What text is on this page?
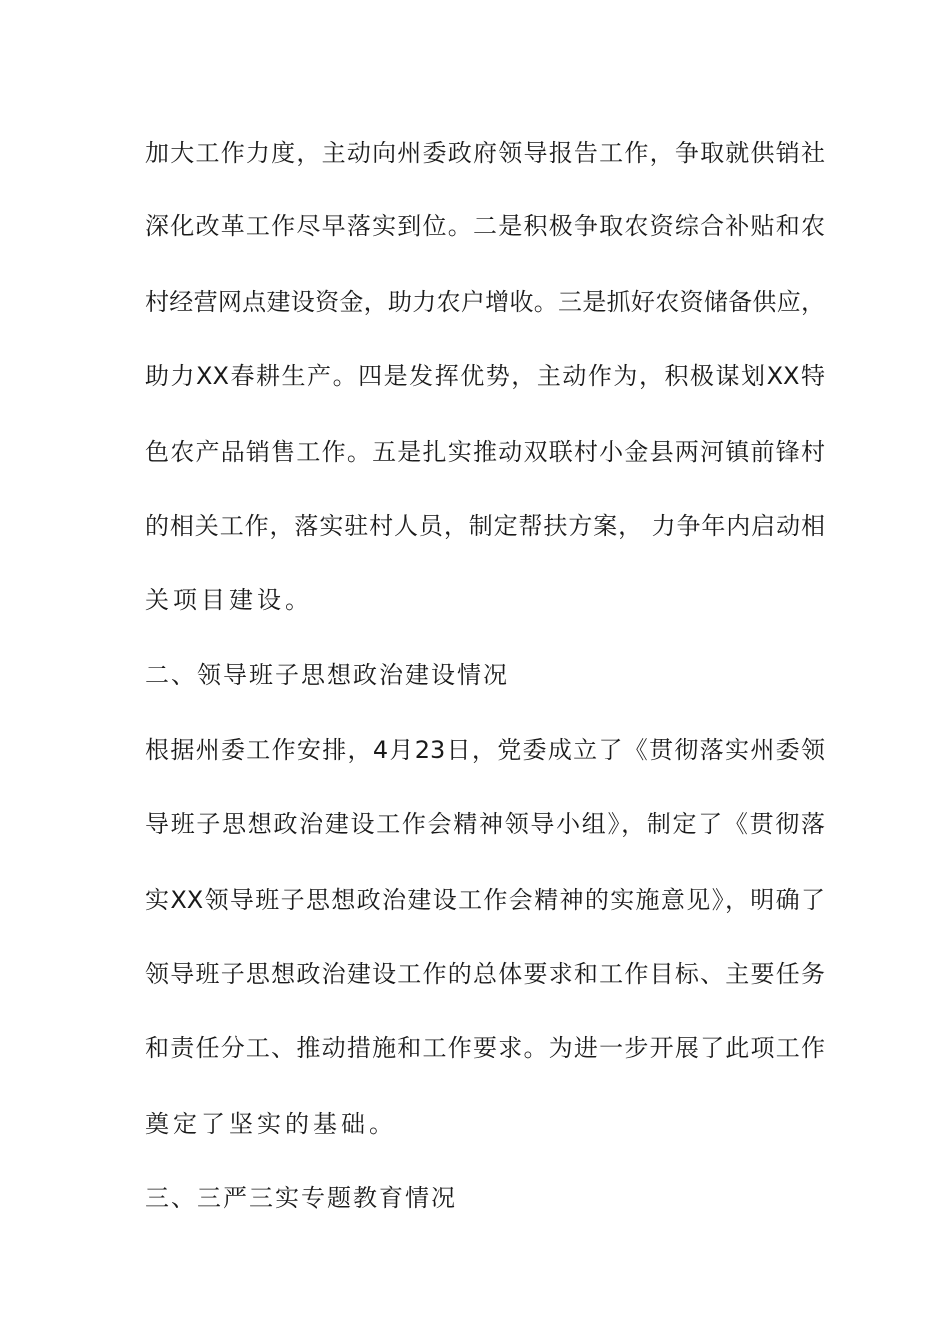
加大工作力度，主动向州委政府领导报告工作，争取就供销社
深化改革工作尽早落实到位。二是积极争取农资综合补贴和农
村经营网点建设资金，助力农户增收。三是抓好农资储备供应，
助力XX春耕生产。四是发挥优势，主动作为，积极谋划XX特
色农产品销售工作。五是扎实推动双联村小金县两河镇前锋村
的相关工作，落实驻村人员，制定帮扶方案， 力争年内启动相
关项目建设。
二、领导班子思想政治建设情况
根据州委工作安排，4月23日，党委成立了《贯彻落实州委领
导班子思想政治建设工作会精神领导小组》，制定了《贯彻落
实XX领导班子思想政治建设工作会精神的实施意见》，明确了
领导班子思想政治建设工作的总体要求和工作目标、主要任务
和责任分工、推动措施和工作要求。为进一步开展了此项工作
奠定了坚实的基础。
三、三严三实专题教育情况
